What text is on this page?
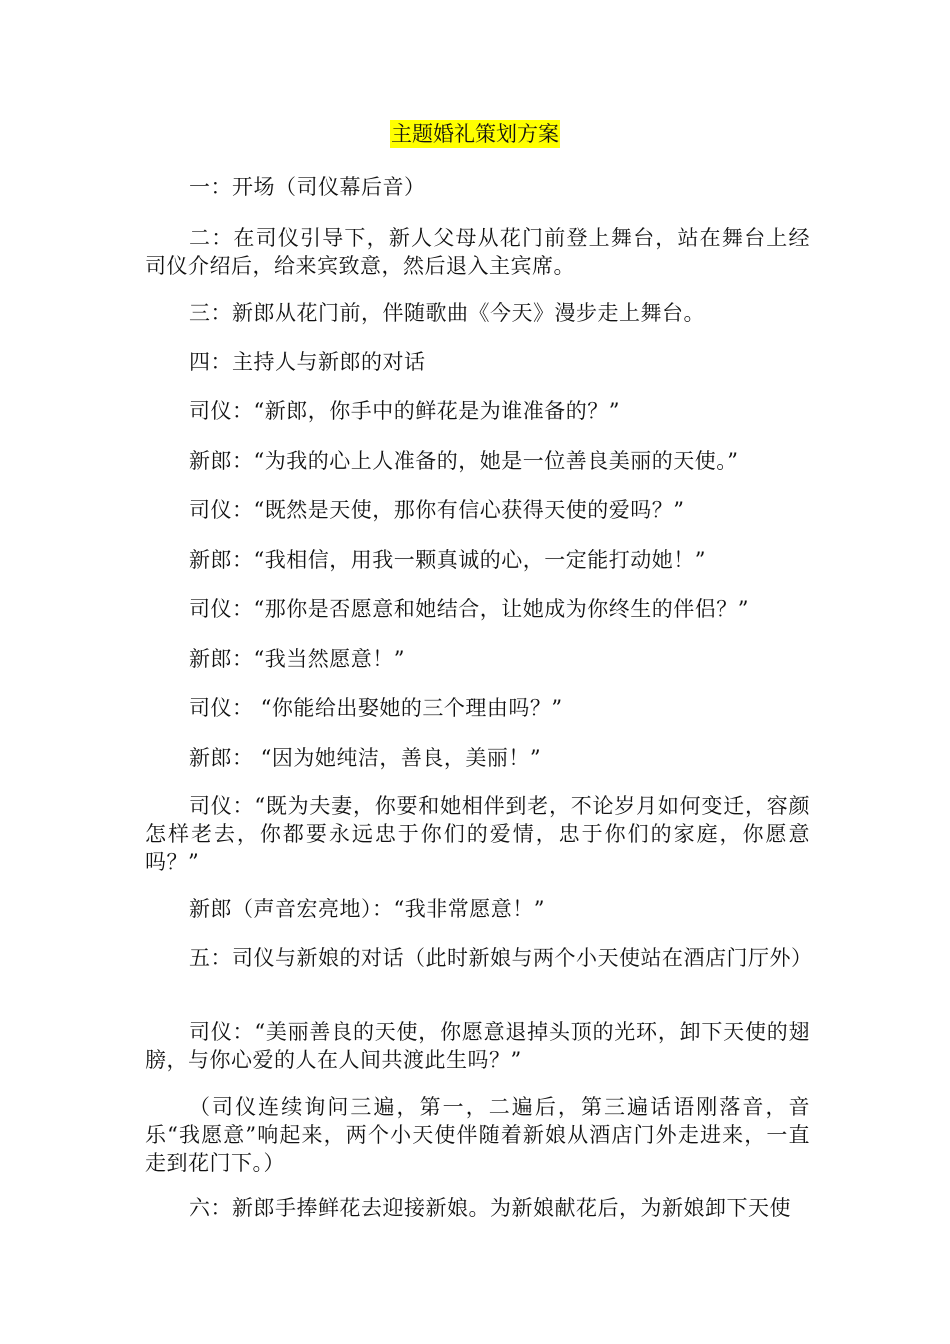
主题婚礼策划方案

一：开场（司仪幕后音）

二：在司仪引导下，新人父母从花门前登上舞台，站在舞台上经司仪介绍后，给来宾致意，然后退入主宾席。

三：新郎从花门前，伴随歌曲《今天》漫步走上舞台。

四：主持人与新郎的对话

司仪：“新郎，你手中的鲜花是为谁准备的？”

新郎：“为我的心上人准备的，她是一位善良美丽的天使。”

司仪：“既然是天使，那你有信心获得天使的爱吗？”

新郎：“我相信，用我一颗真诚的心，一定能打动她！”

司仪：“那你是否愿意和她结合，让她成为你终生的伴侣？”

新郎：“我当然愿意！”

司仪： “你能给出娶她的三个理由吗？”

新郎： “因为她纯洁，善良，美丽！”

司仪：“既为夫妻，你要和她相伴到老，不论岁月如何变迁，容颜怎样老去，你都要永远忠于你们的爱情，忠于你们的家庭，你愿意吗？”

新郎（声音宏亮地）：“我非常愿意！”

五：司仪与新娘的对话（此时新娘与两个小天使站在酒店门厅外）

司仪：“美丽善良的天使，你愿意退掉头顶的光环，卸下天使的翅膀，与你心爱的人在人间共渡此生吗？”

（司仪连续询问三遍，第一，二遍后，第三遍话语刚落音，音乐“我愿意”响起来，两个小天使伴随着新娘从酒店门外走进来，一直走到花门下。）

六：新郎手捧鲜花去迎接新娘。为新娘献花后，为新娘卸下天使
